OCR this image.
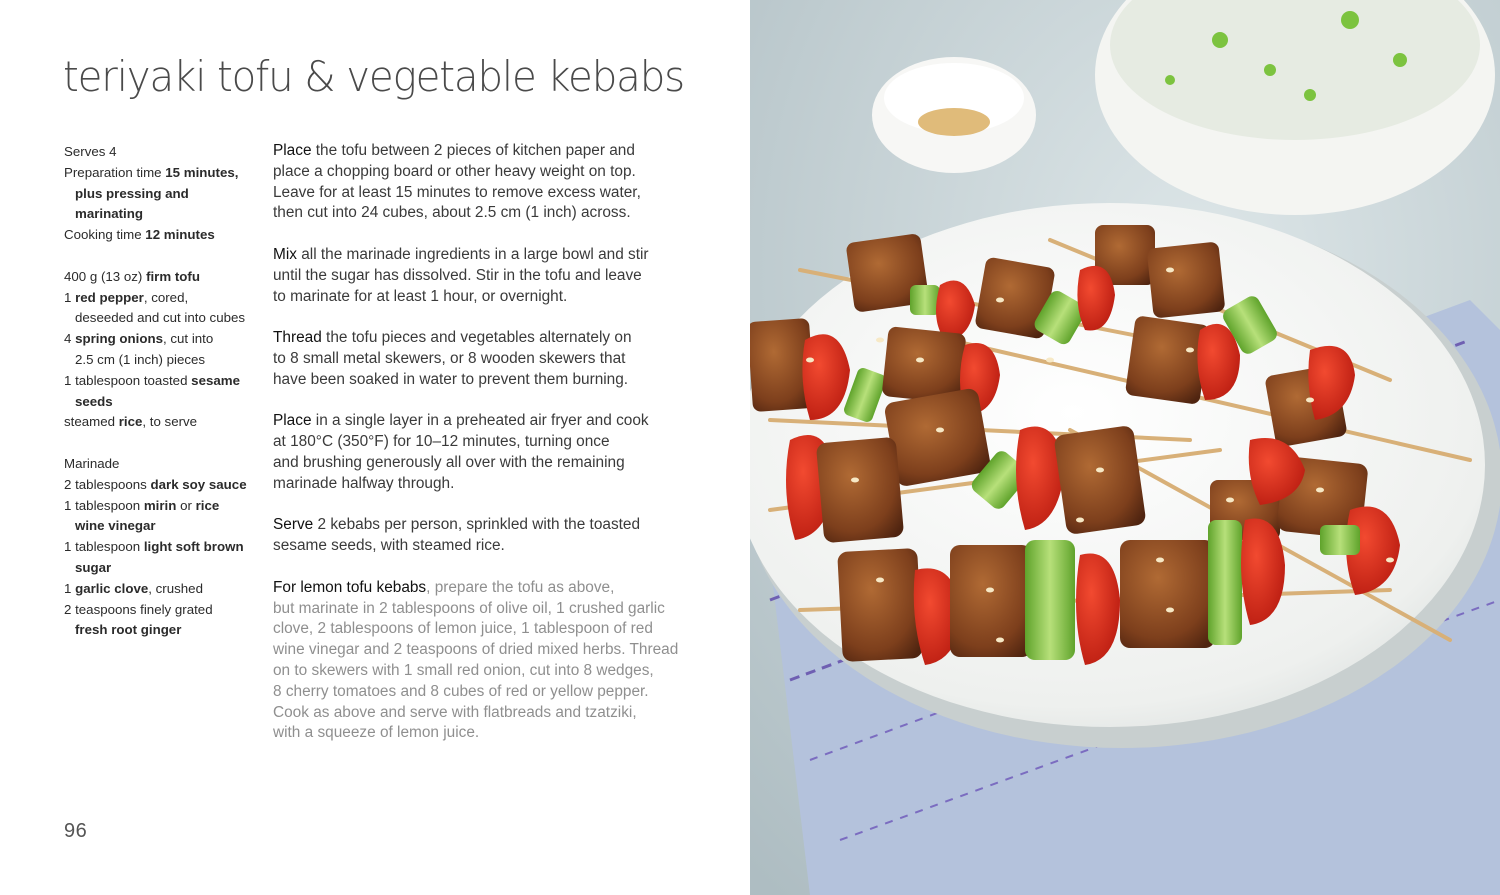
teriyaki tofu & vegetable kebabs
Serves 4
Preparation time 15 minutes,
plus pressing and
marinating
Cooking time 12 minutes
400 g (13 oz) firm tofu
1 red pepper, cored,
deseeded and cut into cubes
4 spring onions, cut into
2.5 cm (1 inch) pieces
1 tablespoon toasted sesame
seeds
steamed rice, to serve
Marinade
2 tablespoons dark soy sauce
1 tablespoon mirin or rice
wine vinegar
1 tablespoon light soft brown
sugar
1 garlic clove, crushed
2 teaspoons finely grated
fresh root ginger
Place the tofu between 2 pieces of kitchen paper and
place a chopping board or other heavy weight on top.
Leave for at least 15 minutes to remove excess water,
then cut into 24 cubes, about 2.5 cm (1 inch) across.
Mix all the marinade ingredients in a large bowl and stir
until the sugar has dissolved. Stir in the tofu and leave
to marinate for at least 1 hour, or overnight.
Thread the tofu pieces and vegetables alternately on
to 8 small metal skewers, or 8 wooden skewers that
have been soaked in water to prevent them burning.
Place in a single layer in a preheated air fryer and cook
at 180°C (350°F) for 10–12 minutes, turning once
and brushing generously all over with the remaining
marinade halfway through.
Serve 2 kebabs per person, sprinkled with the toasted
sesame seeds, with steamed rice.
For lemon tofu kebabs, prepare the tofu as above,
but marinate in 2 tablespoons of olive oil, 1 crushed garlic
clove, 2 tablespoons of lemon juice, 1 tablespoon of red
wine vinegar and 2 teaspoons of dried mixed herbs. Thread
on to skewers with 1 small red onion, cut into 8 wedges,
8 cherry tomatoes and 8 cubes of red or yellow pepper.
Cook as above and serve with flatbreads and tzatziki,
with a squeeze of lemon juice.
96
